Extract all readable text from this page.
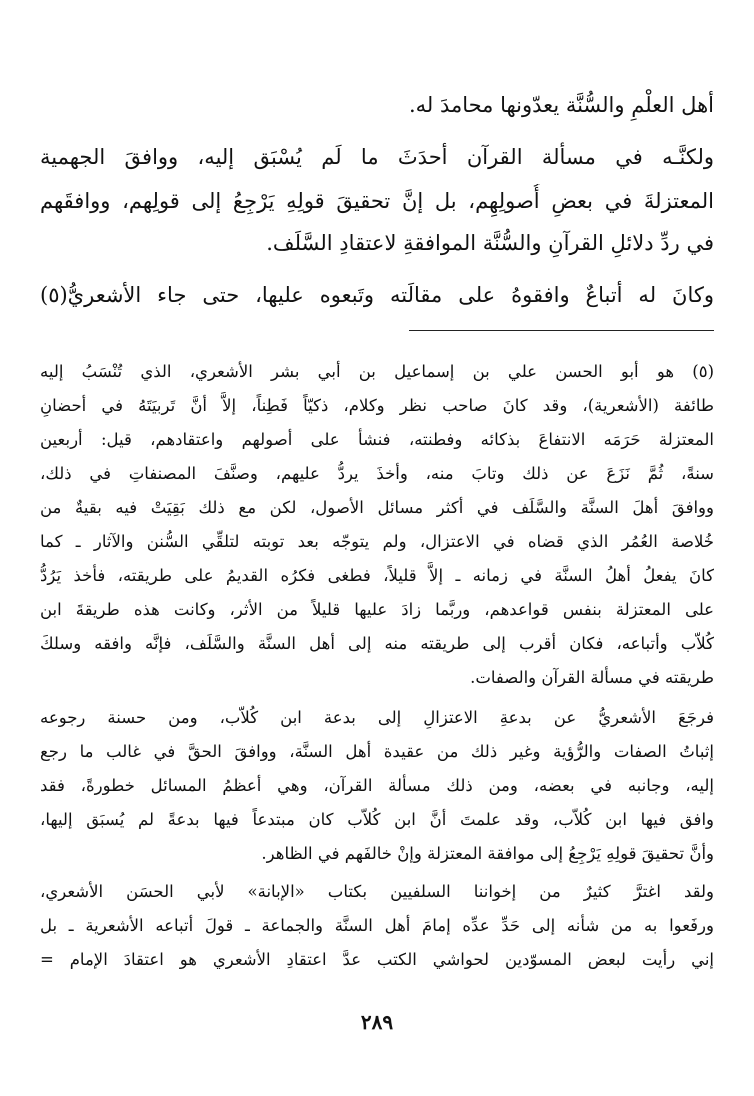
أهل العلْمِ والسُّنَّة يعدّونها محامدَ له.
ولكنَّـه في مسألة القرآن أحدَثَ ما لَم يُسْبَق إليه، ووافقَ الجهمية
المعتزلةَ في بعضِ أُصولِهِم، بل إنَّ تحقيقَ قولِهِ يَرْجِعُ إلى قولِهم، ووافقَهم
في ردِّ دلائلِ القرآنِ والسُّنَّة الموافقةِ لاعتقادِ السَّلَف.
وكانَ له أتباعٌ وافقوهُ على مقالَته وتَبعوه عليها، حتى جاء الأشعريُّ(٥)
(٥) هو أبو الحسن علي بن إسماعيل بن أبي بشر الأشعري، الذي تُنْسَبُ إليه
طائفة (الأشعرية)، وقد كانَ صاحب نظر وكلام، ذكيّاً فَطِناً، إلاَّ أنَّ تَربيَتَهُ في أحضانِ
المعتزلة حَرَمَه الانتفاعَ بذكائه وفطنته، فنشأ على أصولهم واعتقادهم، قيل: أربعين
سنةً، ثُمَّ نَزَعَ عن ذلك وتابَ منه، وأخذَ يردُّ عليهم، وصنَّفَ المصنفاتِ في ذلك،
ووافقَ أهلَ السنَّة والسَّلَف في أكثر مسائل الأصول، لكن مع ذلك بَقِيَتْ فيه بقيةٌ من
خُلاصة العُمُر الذي قضاه في الاعتزال، ولم يتوجّه بعد توبته لتلقِّي السُّنن والآثار ـ كما
كانَ يفعلُ أهلُ السنَّة في زمانه ـ إلاَّ قليلاً، فطغى فكرُه القديمُ على طريقته، فأخذ يَرُدُّ
على المعتزلة بنفس قواعدهم، وربَّما زادَ عليها قليلاً من الأثر، وكانت هذه طريقةَ ابن
كُلاّب وأتباعه، فكان أقرب إلى طريقته منه إلى أهل السنَّة والسَّلَف، فإنَّه وافقه وسلكَ
طريقته في مسألة القرآن والصفات.
فرجَعَ الأشعريُّ عن بدعةِ الاعتزالِ إلى بدعة ابن كُلاّب، ومن حسنة رجوعه
إثباتُ الصفات والرُّؤية وغير ذلك من عقيدة أهل السنَّة، ووافقَ الحقَّ في غالب ما رجع
إليه، وجانبه في بعضه، ومن ذلك مسألة القرآن، وهي أعظمُ المسائل خطورةً، فقد
وافق فيها ابن كُلاّب، وقد علمتَ أنَّ ابن كُلاّب كان مبتدعاً فيها بدعةً لم يُسبَق إليها،
وأنَّ تحقيقَ قولِهِ يَرْجِعُ إلى موافقة المعتزلة وإنْ خالفَهم في الظاهر.
ولقد اغترَّ كثيرٌ من إخواننا السلفيين بكتاب «الإبانة» لأبي الحسَن الأشعري،
ورفَعوا به من شأنه إلى حَدِّ عدِّه إمامَ أهل السنَّة والجماعة ـ قولَ أتباعه الأشعرية ـ بل
إني رأيت لبعض المسوّدين لحواشي الكتب عدَّ اعتقادِ الأشعري هو اعتقادَ الإمام =
٢٨٩
